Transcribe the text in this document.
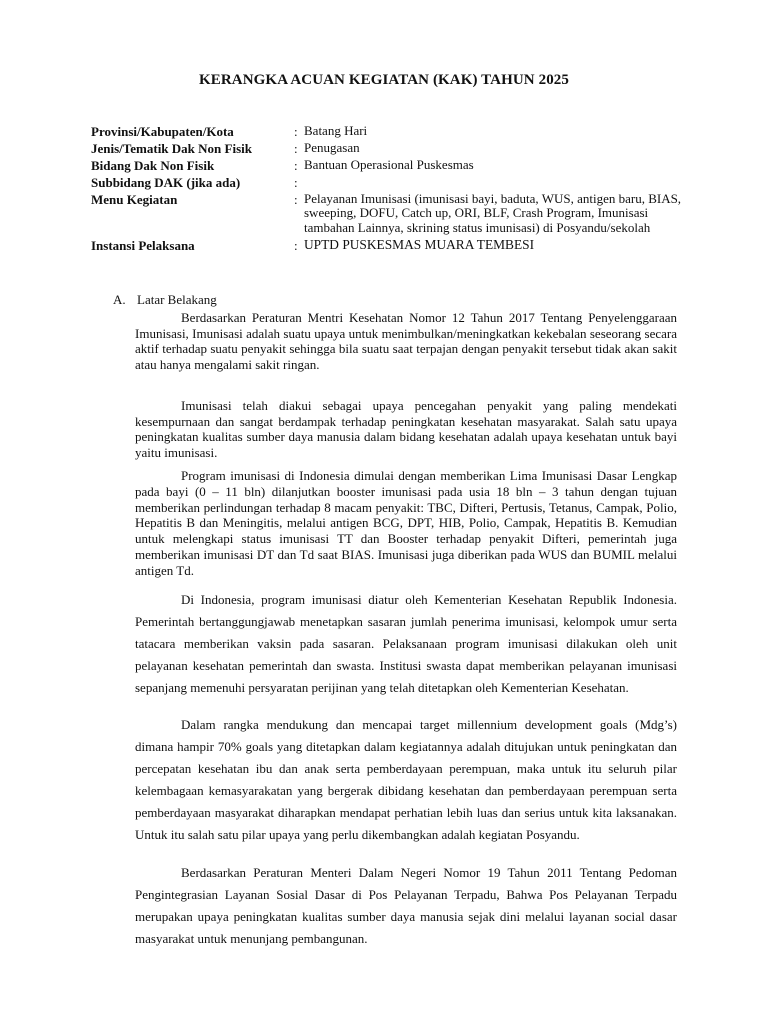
KERANGKA ACUAN KEGIATAN (KAK) TAHUN 2025
Provinsi/Kabupaten/Kota	: Batang Hari
Jenis/Tematik Dak Non Fisik	: Penugasan
Bidang Dak Non Fisik	: Bantuan Operasional Puskesmas
Subbidang DAK (jika ada)	:
Menu Kegiatan	: Pelayanan Imunisasi (imunisasi bayi, baduta, WUS, antigen baru, BIAS, sweeping, DOFU, Catch up, ORI, BLF, Crash Program, Imunisasi tambahan Lainnya, skrining status imunisasi) di Posyandu/sekolah
Instansi Pelaksana	: UPTD PUSKESMAS MUARA TEMBESI
A. Latar Belakang

Berdasarkan Peraturan Mentri Kesehatan Nomor 12 Tahun 2017 Tentang Penyelenggaraan Imunisasi, Imunisasi adalah suatu upaya untuk menimbulkan/meningkatkan kekebalan seseorang secara aktif terhadap suatu penyakit sehingga bila suatu saat terpajan dengan penyakit tersebut tidak akan sakit atau hanya mengalami sakit ringan.

Imunisasi telah diakui sebagai upaya pencegahan penyakit yang paling mendekati kesempurnaan dan sangat berdampak terhadap peningkatan kesehatan masyarakat. Salah satu upaya peningkatan kualitas sumber daya manusia dalam bidang kesehatan adalah upaya kesehatan untuk bayi yaitu imunisasi.

Program imunisasi di Indonesia dimulai dengan memberikan Lima Imunisasi Dasar Lengkap pada bayi (0 – 11 bln) dilanjutkan booster imunisasi pada usia 18 bln – 3 tahun dengan tujuan memberikan perlindungan terhadap 8 macam penyakit: TBC, Difteri, Pertusis, Tetanus, Campak, Polio, Hepatitis B dan Meningitis, melalui antigen BCG, DPT, HIB, Polio, Campak, Hepatitis B. Kemudian untuk melengkapi status imunisasi TT dan Booster terhadap penyakit Difteri, pemerintah juga memberikan imunisasi DT dan Td saat BIAS. Imunisasi juga diberikan pada WUS dan BUMIL melalui antigen Td.

Di Indonesia, program imunisasi diatur oleh Kementerian Kesehatan Republik Indonesia. Pemerintah bertanggungjawab menetapkan sasaran jumlah penerima imunisasi, kelompok umur serta tatacara memberikan vaksin pada sasaran. Pelaksanaan program imunisasi dilakukan oleh unit pelayanan kesehatan pemerintah dan swasta. Institusi swasta dapat memberikan pelayanan imunisasi sepanjang memenuhi persyaratan perijinan yang telah ditetapkan oleh Kementerian Kesehatan.

Dalam rangka mendukung dan mencapai target millennium development goals (Mdg’s) dimana hampir 70% goals yang ditetapkan dalam kegiatannya adalah ditujukan untuk peningkatan dan percepatan kesehatan ibu dan anak serta pemberdayaan perempuan, maka untuk itu seluruh pilar kelembagaan kemasyarakatan yang bergerak dibidang kesehatan dan pemberdayaan perempuan serta pemberdayaan masyarakat diharapkan mendapat perhatian lebih luas dan serius untuk kita laksanakan. Untuk itu salah satu pilar upaya yang perlu dikembangkan adalah kegiatan Posyandu.

Berdasarkan Peraturan Menteri Dalam Negeri Nomor 19 Tahun 2011 Tentang Pedoman Pengintegrasian Layanan Sosial Dasar di Pos Pelayanan Terpadu, Bahwa Pos Pelayanan Terpadu merupakan upaya peningkatan kualitas sumber daya manusia sejak dini melalui layanan social dasar masyarakat untuk menunjang pembangunan.
